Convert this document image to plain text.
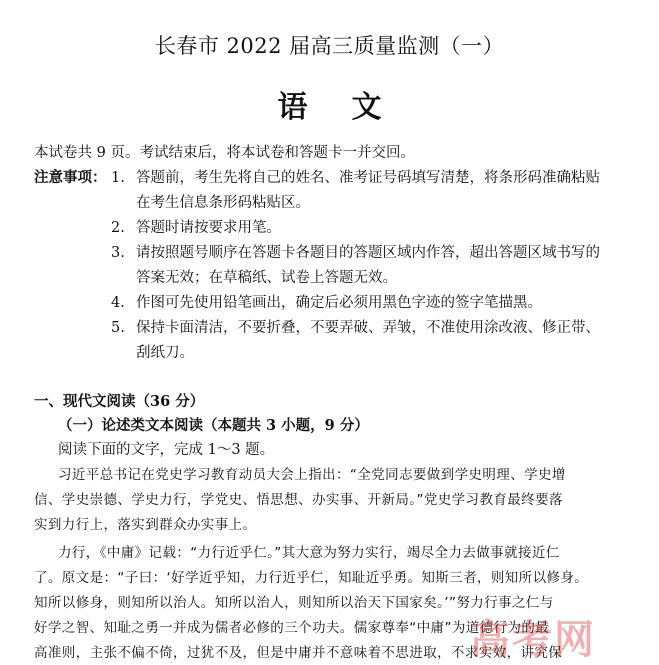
长春市 2022 届高三质量监测（一）
语文
本试卷共 9 页。考试结束后，将本试卷和答题卡一并交回。
注意事项： 1. 答题前，考生先将自己的姓名、准考证号码填写清楚，将条形码准确粘贴
在考生信息条形码粘贴区。
2. 答题时请按要求用笔。
3. 请按照题号顺序在答题卡各题目的答题区域内作答，超出答题区域书写的
答案无效；在草稿纸、试卷上答题无效。
4. 作图可先使用铅笔画出，确定后必须用黑色字迹的签字笔描黑。
5. 保持卡面清洁，不要折叠，不要弄破、弄皱，不准使用涂改液、修正带、
刮纸刀。
一、现代文阅读（36 分）
（一）论述类文本阅读（本题共 3 小题，9 分）
阅读下面的文字，完成 1～3 题。
习近平总书记在党史学习教育动员大会上指出：“全党同志要做到学史明理、学史增
信、学史崇德、学史力行，学党史、悟思想、办实事、开新局。”党史学习教育最终要落
实到力行上，落实到群众办实事上。
力行，《中庸》记载：“力行近乎仁。”其大意为努力实行，竭尽全力去做事就接近仁
了。原文是：“子曰：‘好学近乎知，力行近乎仁，知耻近乎勇。知斯三者，则知所以修身。
知所以修身，则知所以治人。知所以治人，则知所以治天下国家矣。’”努力行事之仁与
好学之智、知耻之勇一并成为儒者必修的三个功夫。儒家尊奉“中庸”为道德行为的最
高准则，主张不偏不倚，过犹不及，但是中庸并不意味着不思进取，不求实效，讲究保
高考网
